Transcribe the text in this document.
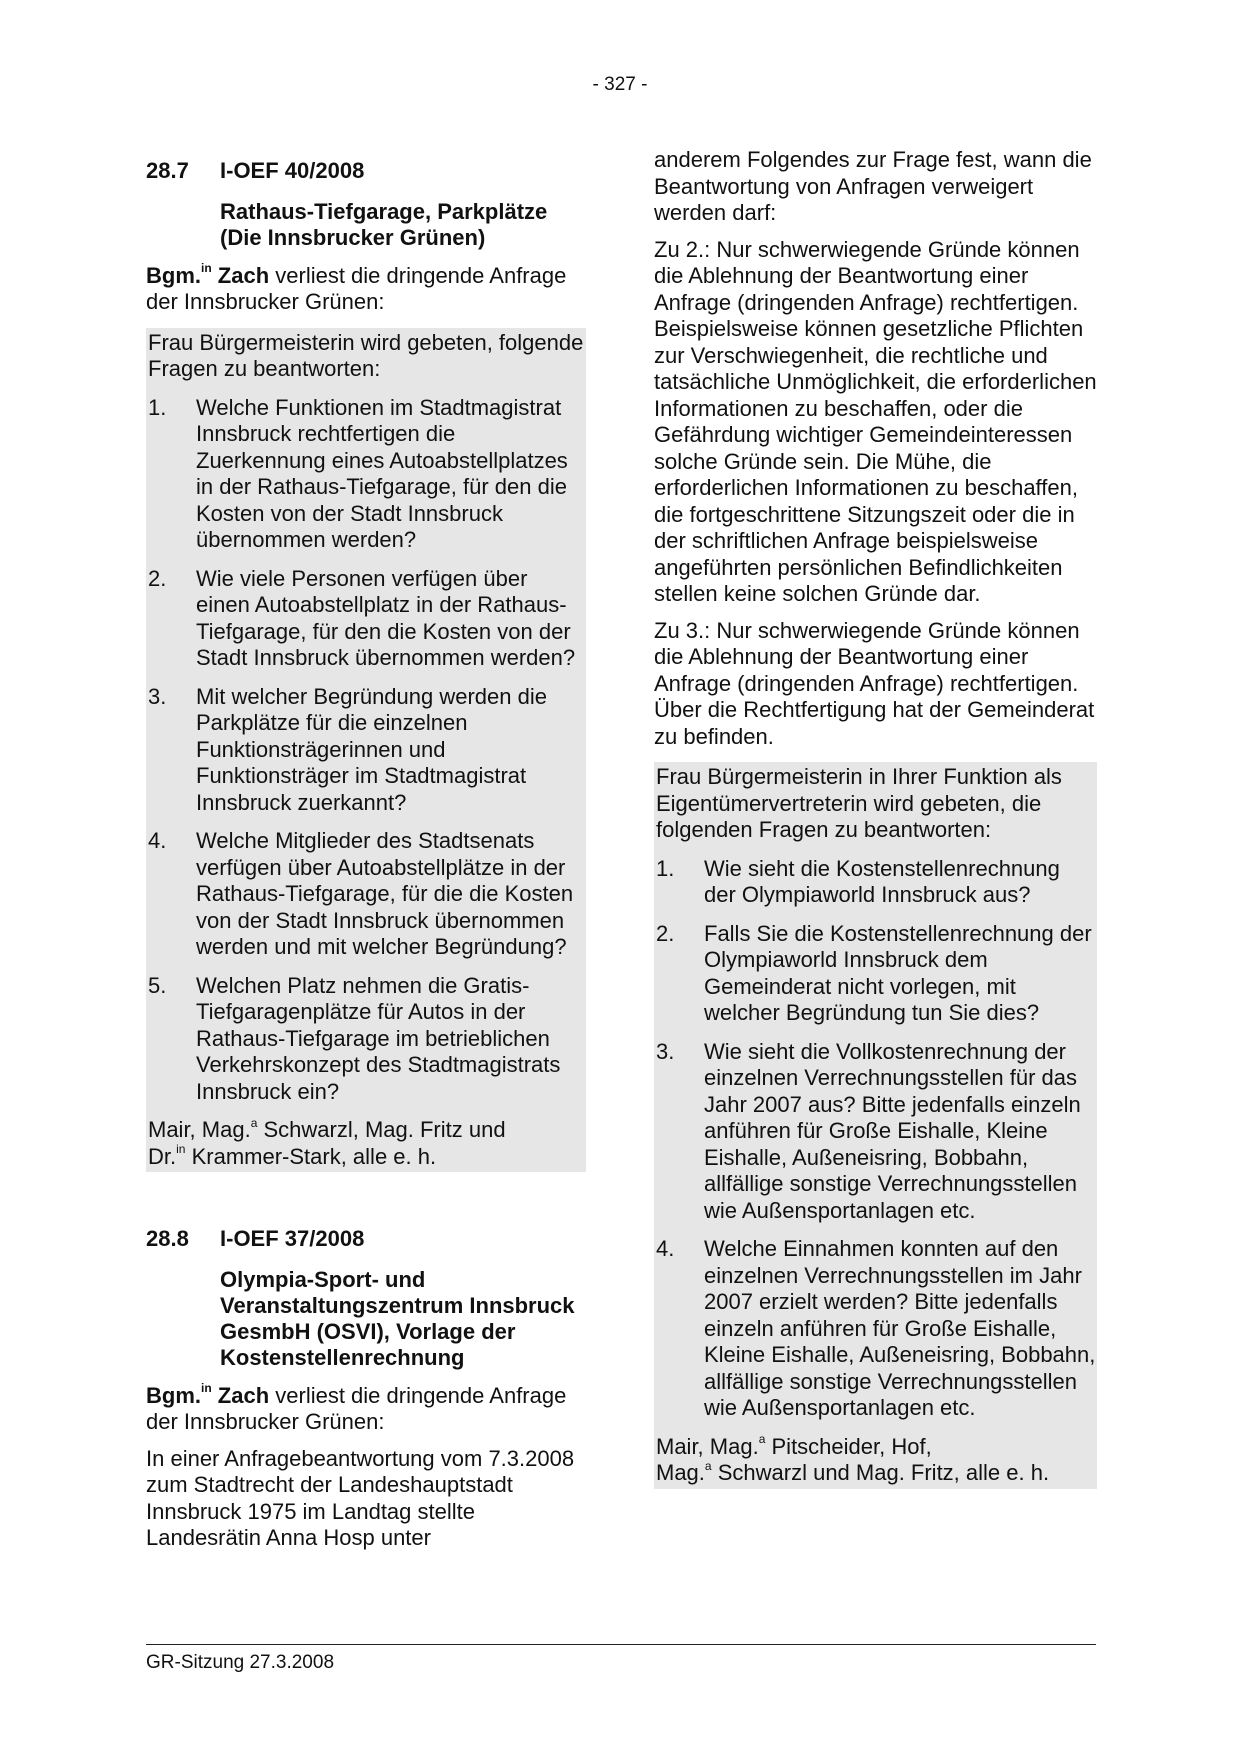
- 327 -
28.7	I-OEF 40/2008
Rathaus-Tiefgarage, Parkplätze
(Die Innsbrucker Grünen)

Bgm.$^{in}$ Zach verliest die dringende Anfrage der Innsbrucker Grünen:

Frau Bürgermeisterin wird gebeten, folgende Fragen zu beantworten:

1.	Welche Funktionen im Stadtmagistrat Innsbruck rechtfertigen die Zuerkennung eines Autoabstellplatzes in der Rathaus-Tiefgarage, für den die Kosten von der Stadt Innsbruck übernommen werden?
2.	Wie viele Personen verfügen über einen Autoabstellplatz in der Rathaus-Tiefgarage, für den die Kosten von der Stadt Innsbruck übernommen werden?
3.	Mit welcher Begründung werden die Parkplätze für die einzelnen Funktionsträgerinnen und Funktionsträger im Stadtmagistrat Innsbruck zuerkannt?
4.	Welche Mitglieder des Stadtsenats verfügen über Autoabstellplätze in der Rathaus-Tiefgarage, für die die Kosten von der Stadt Innsbruck übernommen werden und mit welcher Begründung?
5.	Welchen Platz nehmen die Gratis-Tiefgaragenplätze für Autos in der Rathaus-Tiefgarage im betrieblichen Verkehrskonzept des Stadtmagistrats Innsbruck ein?

Mair, Mag.$^a$ Schwarzl, Mag. Fritz und
Dr.$^{in}$ Krammer-Stark, alle e. h.

28.8	I-OEF 37/2008
Olympia-Sport- und Veranstaltungszentrum Innsbruck GesmbH (OSVI), Vorlage der Kostenstellenrechnung

Bgm.$^{in}$ Zach verliest die dringende Anfrage der Innsbrucker Grünen:

In einer Anfragebeantwortung vom 7.3.2008 zum Stadtrecht der Landeshauptstadt Innsbruck 1975 im Landtag stellte Landesrätin Anna Hosp unter

anderem Folgendes zur Frage fest, wann die Beantwortung von Anfragen verweigert werden darf:

Zu 2.: Nur schwerwiegende Gründe können die Ablehnung der Beantwortung einer Anfrage (dringenden Anfrage) rechtfertigen. Beispielsweise können gesetzliche Pflichten zur Verschwiegenheit, die rechtliche und tatsächliche Unmöglichkeit, die erforderlichen Informationen zu beschaffen, oder die Gefährdung wichtiger Gemeindeinteressen solche Gründe sein. Die Mühe, die erforderlichen Informationen zu beschaffen, die fortgeschrittene Sitzungszeit oder die in der schriftlichen Anfrage beispielsweise angeführten persönlichen Befindlichkeiten stellen keine solchen Gründe dar.

Zu 3.: Nur schwerwiegende Gründe können die Ablehnung der Beantwortung einer Anfrage (dringenden Anfrage) rechtfertigen. Über die Rechtfertigung hat der Gemeinderat zu befinden.

Frau Bürgermeisterin in Ihrer Funktion als Eigentümervertreterin wird gebeten, die folgenden Fragen zu beantworten:

1.	Wie sieht die Kostenstellenrechnung der Olympiaworld Innsbruck aus?
2.	Falls Sie die Kostenstellenrechnung der Olympiaworld Innsbruck dem Gemeinderat nicht vorlegen, mit welcher Begründung tun Sie dies?
3.	Wie sieht die Vollkostenrechnung der einzelnen Verrechnungsstellen für das Jahr 2007 aus? Bitte jedenfalls einzeln anführen für Große Eishalle, Kleine Eishalle, Außeneisring, Bobbahn, allfällige sonstige Verrechnungsstellen wie Außensportanlagen etc.
4.	Welche Einnahmen konnten auf den einzelnen Verrechnungsstellen im Jahr 2007 erzielt werden? Bitte jedenfalls einzeln anführen für Große Eishalle, Kleine Eishalle, Außeneisring, Bobbahn, allfällige sonstige Verrechnungsstellen wie Außensportanlagen etc.

Mair, Mag.$^a$ Pitscheider, Hof,
Mag.$^a$ Schwarzl und Mag. Fritz, alle e. h.

GR-Sitzung 27.3.2008
